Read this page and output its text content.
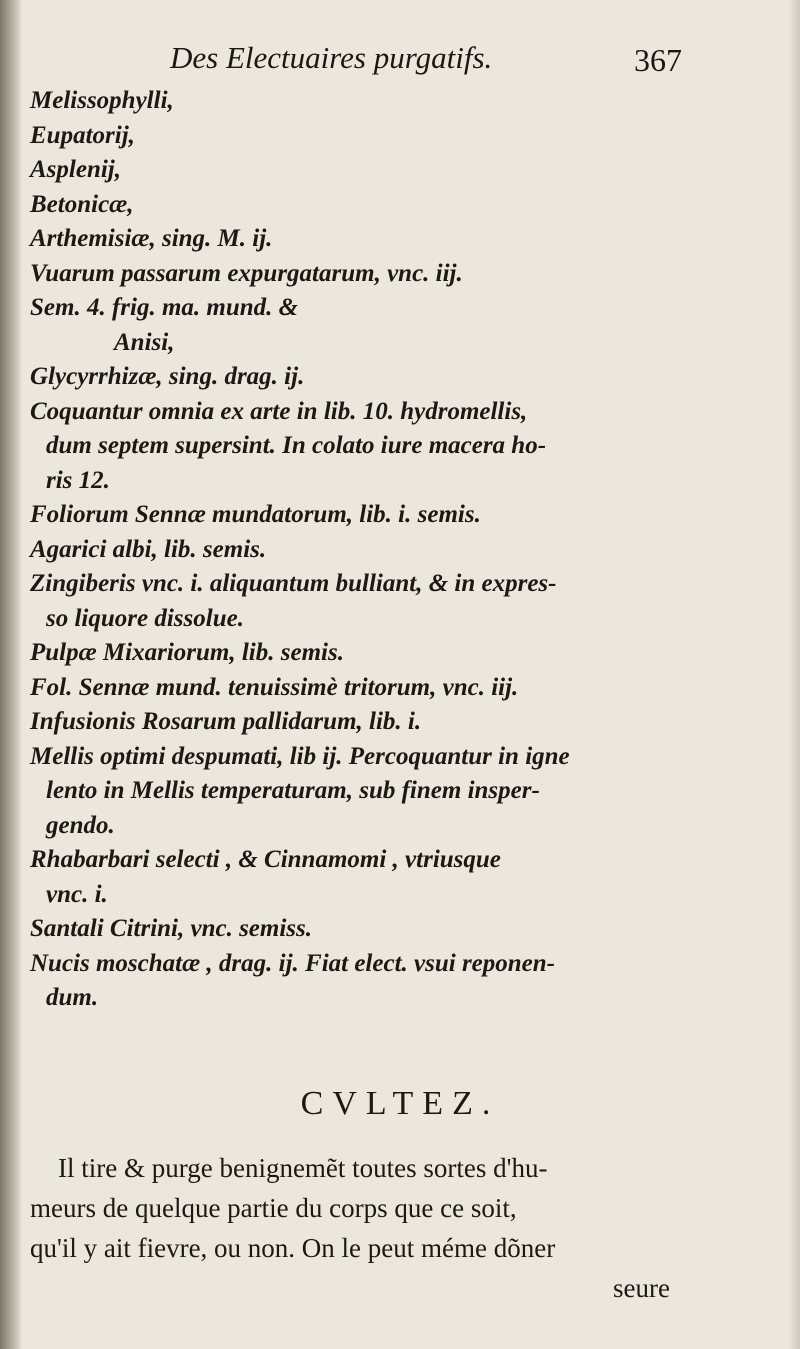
Des Electuaires purgatifs.	367
Melissophylli,
Eupatorij,
Asplenij,
Betonicæ,
Arthemisiæ, sing. M. ij.
Vuarum passarum expurgatarum, vnc. iij.
Sem. 4. frig. ma. mund. &
Anisi,
Glycyrrhizæ, sing. drag. ij.
Coquantur omnia ex arte in lib. 10. hydromellis,
dum septem supersint. In colato iure macera ho-
ris 12.
Foliorum Sennæ mundatorum, lib. i. semis.
Agarici albi, lib. semis.
Zingiberis vnc. i. aliquantum bulliant, & in expres-
so liquore dissolue.
Pulpæ Mixariorum, lib. semis.
Fol. Sennæ mund. tenuissimè tritorum, vnc. iij.
Infusionis Rosarum pallidarum, lib. i.
Mellis optimi despumati, lib ij. Percoquantur in igne
lento in Mellis temperaturam, sub finem insper-
gendo.
Rhabarbari selecti , & Cinnamomi , vtriusque
vnc. i.
Santali Citrini, vnc. semiss.
Nucis moschatæ , drag. ij. Fiat elect. vsui reponen-
dum.
CVLTEZ.
Il tire & purge benignemẽt toutes sortes d'hu-
meurs de quelque partie du corps que ce soit,
qu'il y ait fievre, ou non. On le peut méme dõner
seure
